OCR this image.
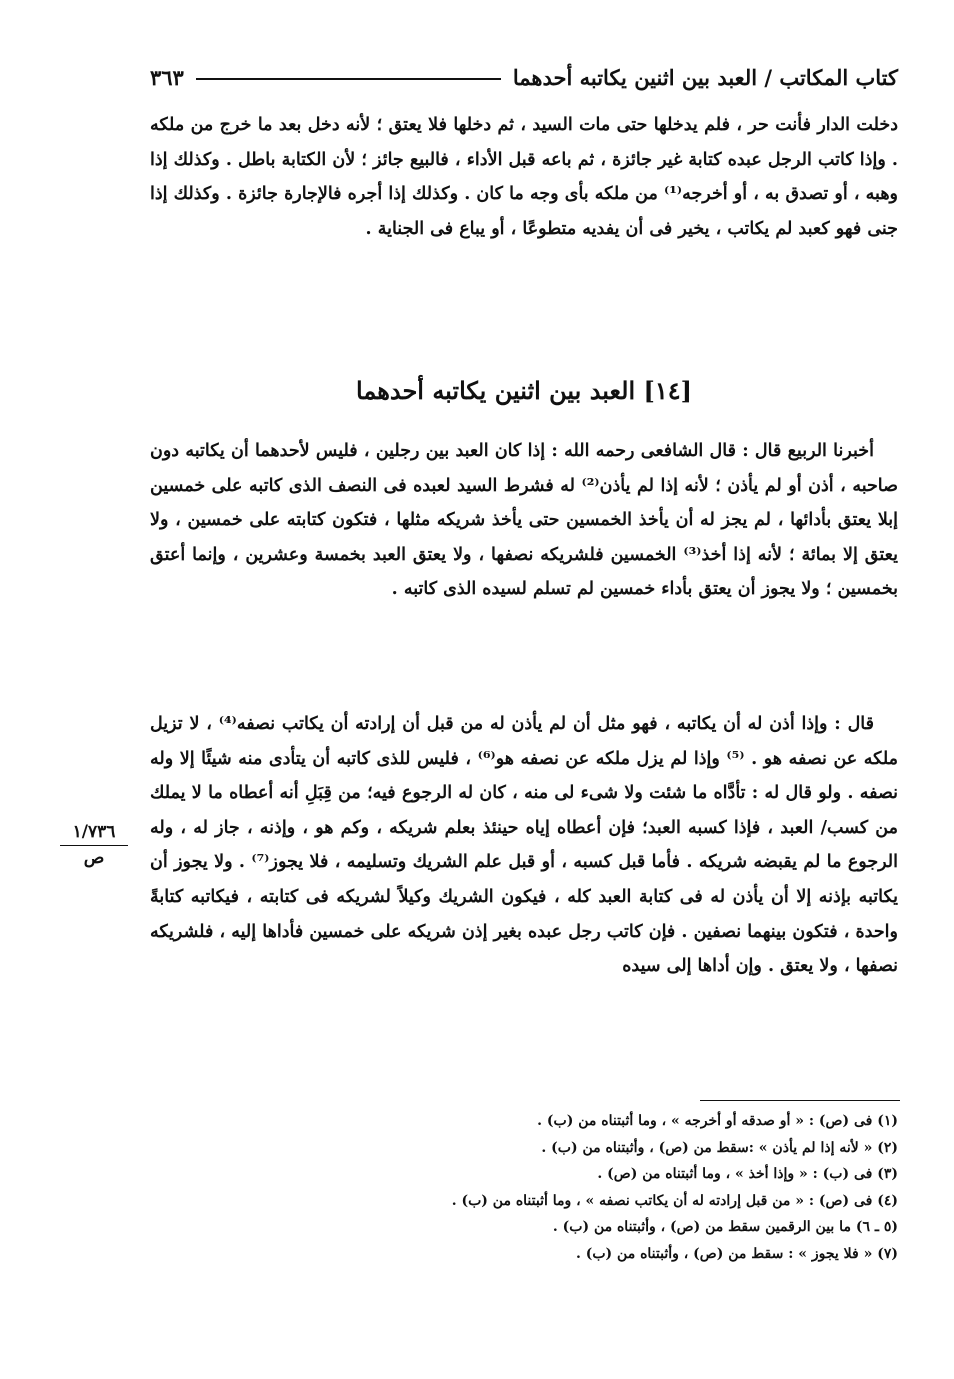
كتاب المكاتب / العبد بين اثنين يكاتبه أحدهما
٣٦٣
دخلت الدار فأنت حر ، فلم يدخلها حتى مات السيد ، ثم دخلها فلا يعتق ؛ لأنه دخل بعد ما خرج من ملكه . وإذا كاتب الرجل عبده كتابة غير جائزة ، ثم باعه قبل الأداء ، فالبيع جائز ؛ لأن الكتابة باطل . وكذلك إذا وهبه ، أو تصدق به ، أو أخرجه⁽¹⁾ من ملكه بأى وجه ما كان . وكذلك إذا أجره فالإجارة جائزة . وكذلك إذا جنى فهو كعبد لم يكاتب ، يخير فى أن يفديه متطوعًا ، أو يباع فى الجناية .
[١٤] العبد بين اثنين يكاتبه أحدهما
أخبرنا الربيع قال : قال الشافعى رحمه الله : إذا كان العبد بين رجلين ، فليس لأحدهما أن يكاتبه دون صاحبه ، أذن أو لم يأذن ؛ لأنه إذا لم يأذن⁽²⁾ له فشرط السيد لعبده فى النصف الذى كاتبه على خمسين إبلا يعتق بأدائها ، لم يجز له أن يأخذ الخمسين حتى يأخذ شريكه مثلها ، فتكون كتابته على خمسين ، ولا يعتق إلا بمائة ؛ لأنه إذا أخذ⁽³⁾ الخمسين فلشريكه نصفها ، ولا يعتق العبد بخمسة وعشرين ، وإنما أعتق بخمسين ؛ ولا يجوز أن يعتق بأداء خمسين لم تسلم لسيده الذى كاتبه .
قال : وإذا أذن له أن يكاتبه ، فهو مثل أن لم يأذن له من قبل أن إرادته أن يكاتب نصفه⁽⁴⁾ ، لا تزيل ملكه عن نصفه هو . ⁽⁵⁾ وإذا لم يزل ملكه عن نصفه هو⁽⁶⁾ ، فليس للذى كاتبه أن يتأدى منه شيئًا إلا وله نصفه . ولو قال له : تأدَّاه ما شئت ولا شىء لى منه ، كان له الرجوع فيه؛ من قِبَلِ أنه أعطاه ما لا يملك من كسب/ العبد ، فإذا كسبه العبد؛ فإن أعطاه إياه حينئذ بعلم شريكه ، وكم هو ، وإذنه ، جاز له ، وله الرجوع ما لم يقبضه شريكه . فأما قبل كسبه ، أو قبل علم الشريك وتسليمه ، فلا يجوز⁽⁷⁾ . ولا يجوز أن يكاتبه بإذنه إلا أن يأذن له فى كتابة العبد كله ، فيكون الشريك وكيلاً لشريكه فى كتابته ، فيكاتبه كتابةً واحدة ، فتكون بينهما نصفين . فإن كاتب رجل عبده بغير إذن شريكه على خمسين فأداها إليه ، فلشريكه نصفها ، ولا يعتق . وإن أداها إلى سيده
١/٧٣٦
ص
(١) فى (ص) : « أو صدقه أو أخرجه » ، وما أثبتناه من (ب) .
(٢) « لأنه إذا لم يأذن » :سقط من (ص) ، وأثبتناه من (ب) .
(٣) فى (ب) : « وإذا أخذ » ، وما أثبتناه من (ص) .
(٤) فى (ص) : « من قبل إرادته له أن يكاتب نصفه » ، وما أثبتناه من (ب) .
(٥ ـ ٦) ما بين الرقمين سقط من (ص) ، وأثبتناه من (ب) .
(٧) « فلا يجوز » : سقط من (ص) ، وأثبتناه من (ب) .
